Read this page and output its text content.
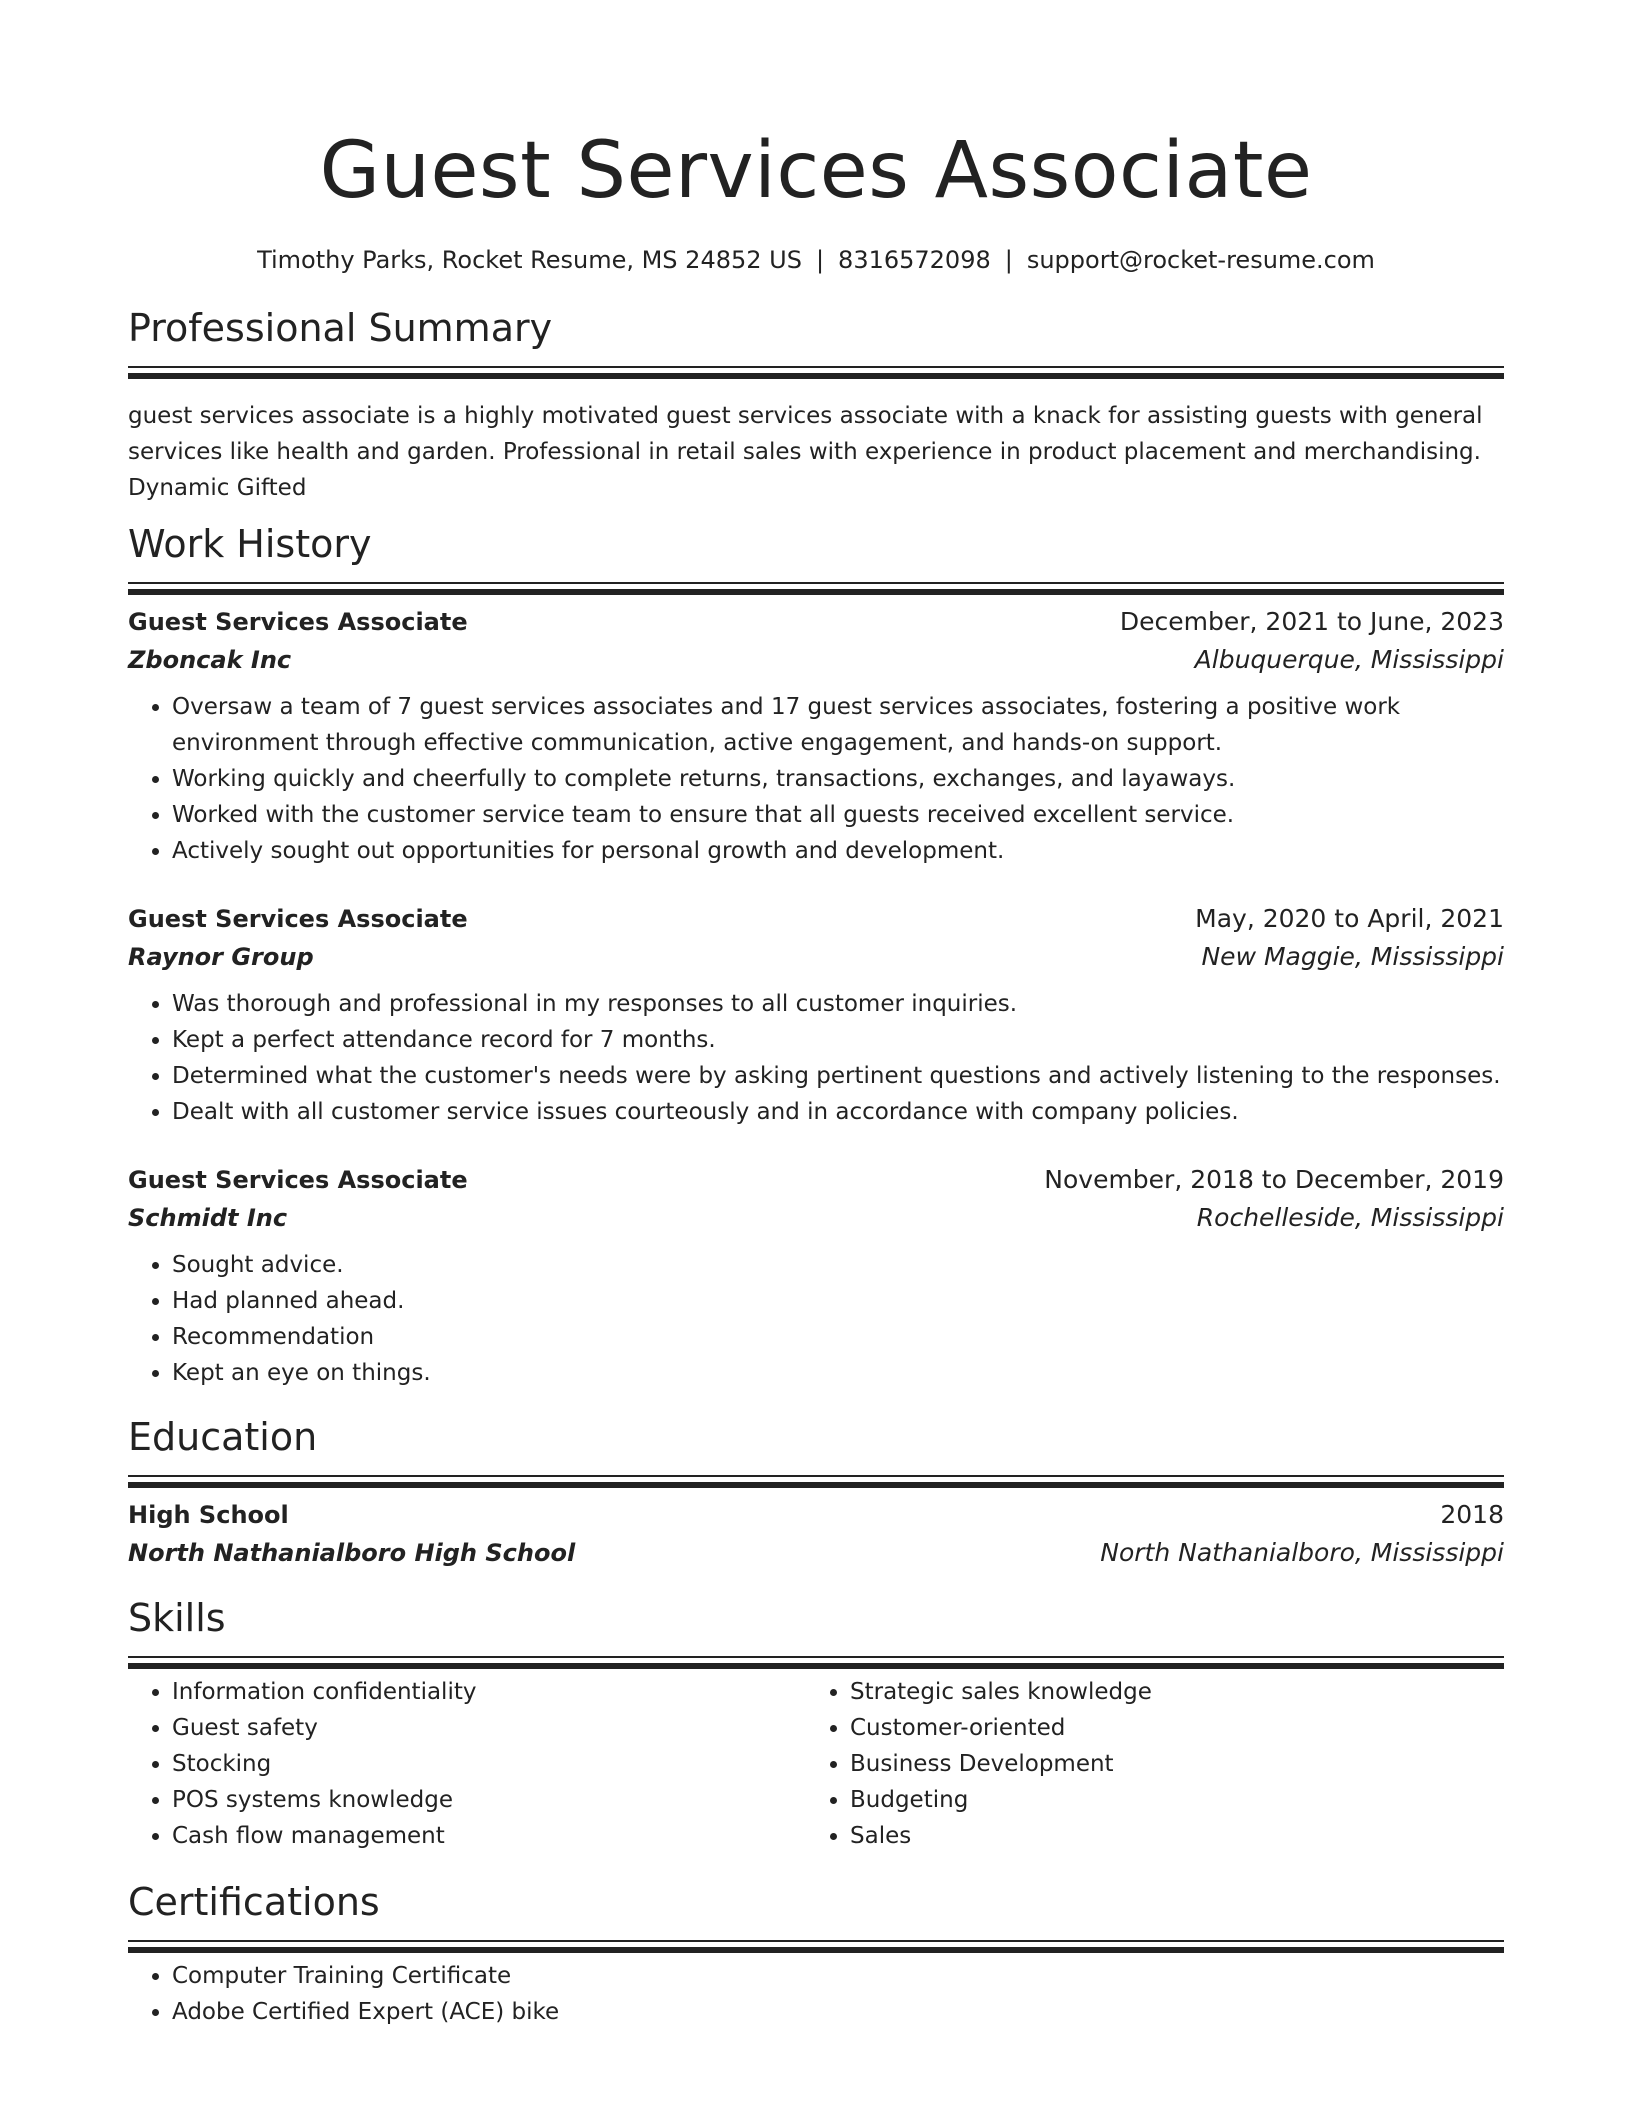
Guest Services Associate
Timothy Parks, Rocket Resume, MS 24852 US | 8316572098 | support@rocket-resume.com
Professional Summary

guest services associate is a highly motivated guest services associate with a knack for assisting guests with general services like health and garden. Professional in retail sales with experience in product placement and merchandising. Dynamic Gifted

Work History
Guest Services Associate	December, 2021 to June, 2023
Zboncak Inc	Albuquerque, Mississippi
• Oversaw a team of 7 guest services associates and 17 guest services associates, fostering a positive work environment through effective communication, active engagement, and hands-on support.
• Working quickly and cheerfully to complete returns, transactions, exchanges, and layaways.
• Worked with the customer service team to ensure that all guests received excellent service.
• Actively sought out opportunities for personal growth and development.
Guest Services Associate	May, 2020 to April, 2021
Raynor Group	New Maggie, Mississippi
• Was thorough and professional in my responses to all customer inquiries.
• Kept a perfect attendance record for 7 months.
• Determined what the customer's needs were by asking pertinent questions and actively listening to the responses.
• Dealt with all customer service issues courteously and in accordance with company policies.
Guest Services Associate	November, 2018 to December, 2019
Schmidt Inc	Rochelleside, Mississippi
• Sought advice.
• Had planned ahead.
• Recommendation
• Kept an eye on things.
Education
High School	2018
North Nathanialboro High School	North Nathanialboro, Mississippi
Skills
• Information confidentiality
• Guest safety
• Stocking
• POS systems knowledge
• Cash flow management
• Strategic sales knowledge
• Customer-oriented
• Business Development
• Budgeting
• Sales
Certifications
• Computer Training Certificate
• Adobe Certified Expert (ACE) bike
